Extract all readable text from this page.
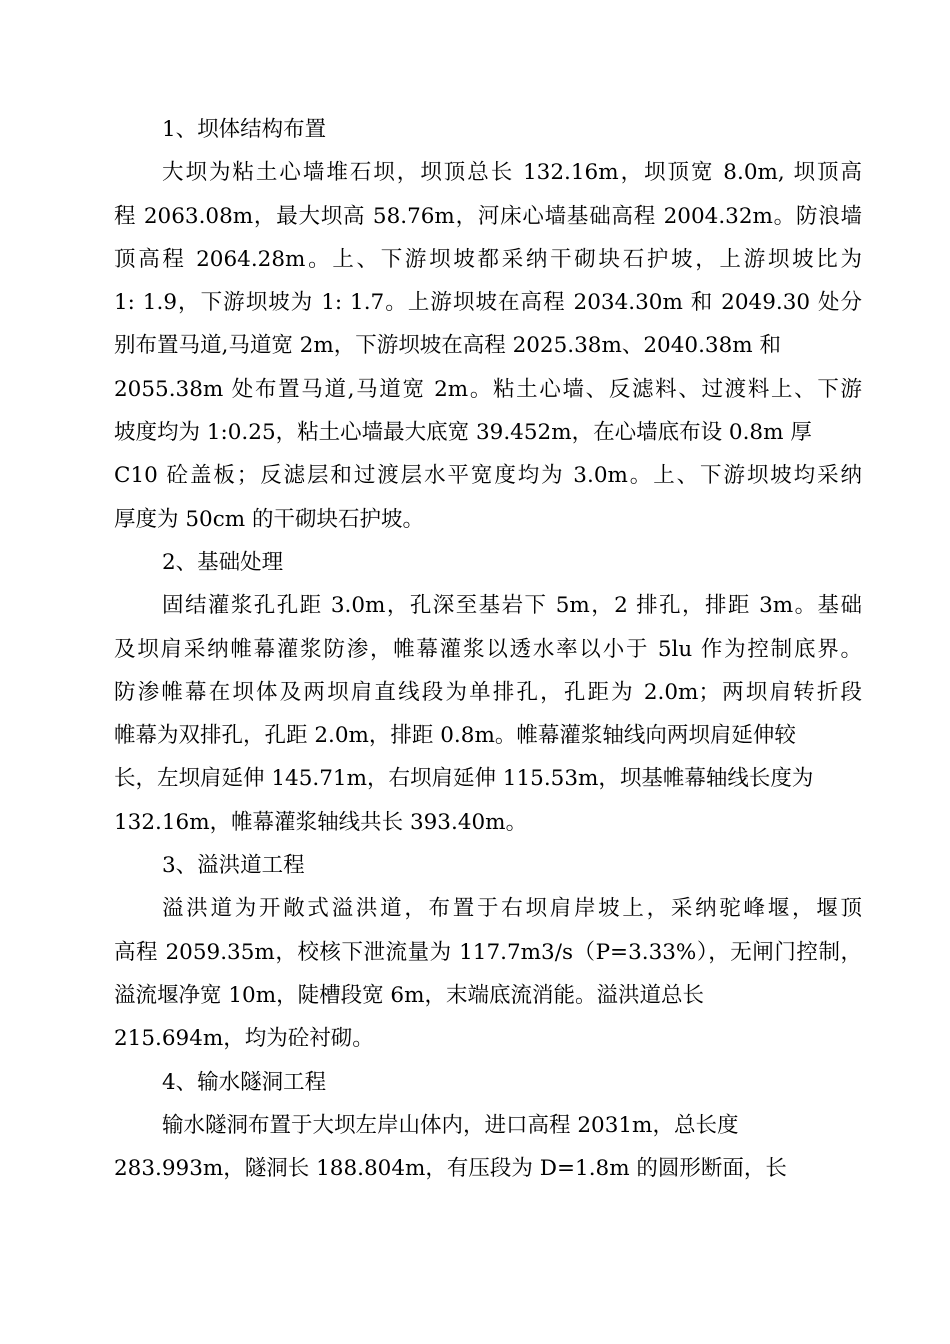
1、坝体结构布置
大坝为粘土心墙堆石坝，坝顶总长 132.16m，坝顶宽 8.0m, 坝顶高
程 2063.08m，最大坝高 58.76m，河床心墙基础高程 2004.32m。防浪墙
顶高程 2064.28m。上、下游坝坡都采纳干砌块石护坡，上游坝坡比为
1: 1.9，下游坝坡为 1: 1.7。上游坝坡在高程 2034.30m 和 2049.30 处分
别布置马道,马道宽 2m，下游坝坡在高程 2025.38m、2040.38m 和
2055.38m 处布置马道,马道宽 2m。粘土心墙、反滤料、过渡料上、下游
坡度均为 1:0.25，粘土心墙最大底宽 39.452m，在心墙底布设 0.8m 厚
C10 砼盖板；反滤层和过渡层水平宽度均为 3.0m。上、下游坝坡均采纳
厚度为 50cm 的干砌块石护坡。
2、基础处理
固结灌浆孔孔距 3.0m，孔深至基岩下 5m，2 排孔，排距 3m。基础
及坝肩采纳帷幕灌浆防渗，帷幕灌浆以透水率以小于 5lu 作为控制底界。
防渗帷幕在坝体及两坝肩直线段为单排孔，孔距为 2.0m；两坝肩转折段
帷幕为双排孔，孔距 2.0m，排距 0.8m。帷幕灌浆轴线向两坝肩延伸较
长，左坝肩延伸 145.71m，右坝肩延伸 115.53m，坝基帷幕轴线长度为
132.16m，帷幕灌浆轴线共长 393.40m。
3、溢洪道工程
溢洪道为开敞式溢洪道，布置于右坝肩岸坡上，采纳驼峰堰，堰顶
高程 2059.35m，校核下泄流量为 117.7m3/s（P=3.33%），无闸门控制，
溢流堰净宽 10m，陡槽段宽 6m，末端底流消能。溢洪道总长
215.694m，均为砼衬砌。
4、输水隧洞工程
输水隧洞布置于大坝左岸山体内，进口高程 2031m，总长度
283.993m，隧洞长 188.804m，有压段为 D=1.8m 的圆形断面，长
